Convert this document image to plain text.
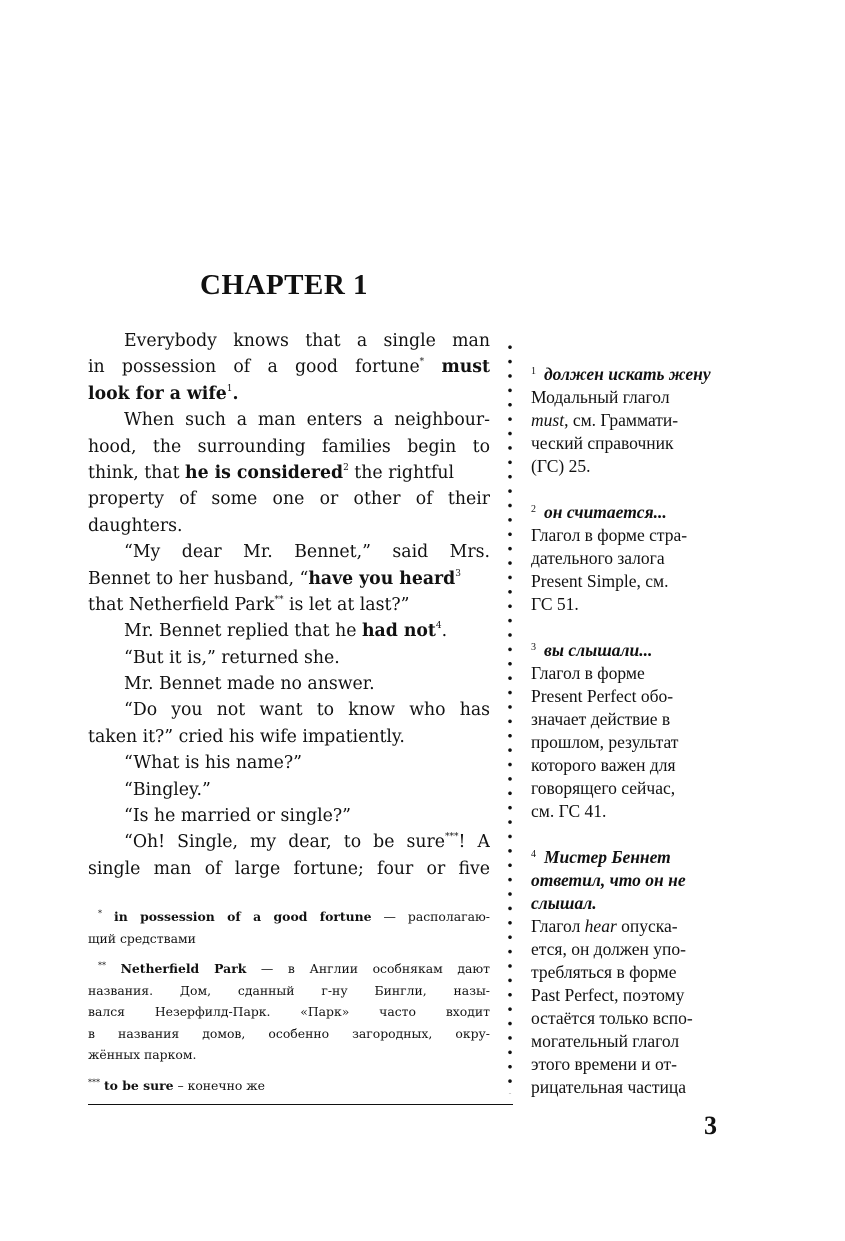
CHAPTER 1
Everybody knows that a single man
in possession of a good fortune* must
look for a wife$^1$.
When such a man enters a neighbour-
hood, the surrounding families begin to
think, that he is considered$^2$ the rightful
property of some one or other of their
daughters.
“My dear Mr. Bennet,” said Mrs.
Bennet to her husband, “have you heard$^3$
that Netherfield Park** is let at last?”
Mr. Bennet replied that he had not$^4$.
“But it is,” returned she.
Mr. Bennet made no answer.
“Do you not want to know who has
taken it?” cried his wife impatiently.
“What is his name?”
“Bingley.”
“Is he married or single?”
“Oh! Single, my dear, to be sure***! A
single man of large fortune; four or five
* in possession of a good fortune — располагаю-
щий средствами
** Netherfield Park — в Англии особнякам дают
названия. Дом, сданный г-ну Бингли, назы-
вался Незерфилд-Парк. «Парк» часто входит
в названия домов, особенно загородных, окру-
жённых парком.
*** to be sure – конечно же
$^1$ должен искать жену
Модальный глагол
must, см. Граммати-
ческий справочник
(ГС) 25.
$^2$ он считается...
Глагол в форме стра-
дательного залога
Present Simple, см.
ГС 51.
$^3$ вы слышали...
Глагол в форме
Present Perfect обо-
значает действие в
прошлом, результат
которого важен для
говорящего сейчас,
см. ГС 41.
$^4$ Мистер Беннет
ответил, что он не
слышал.
Глагол hear опуска-
ется, он должен упо-
требляться в форме
Past Perfect, поэтому
остаётся только вспо-
могательный глагол
этого времени и от-
рицательная частица
3
